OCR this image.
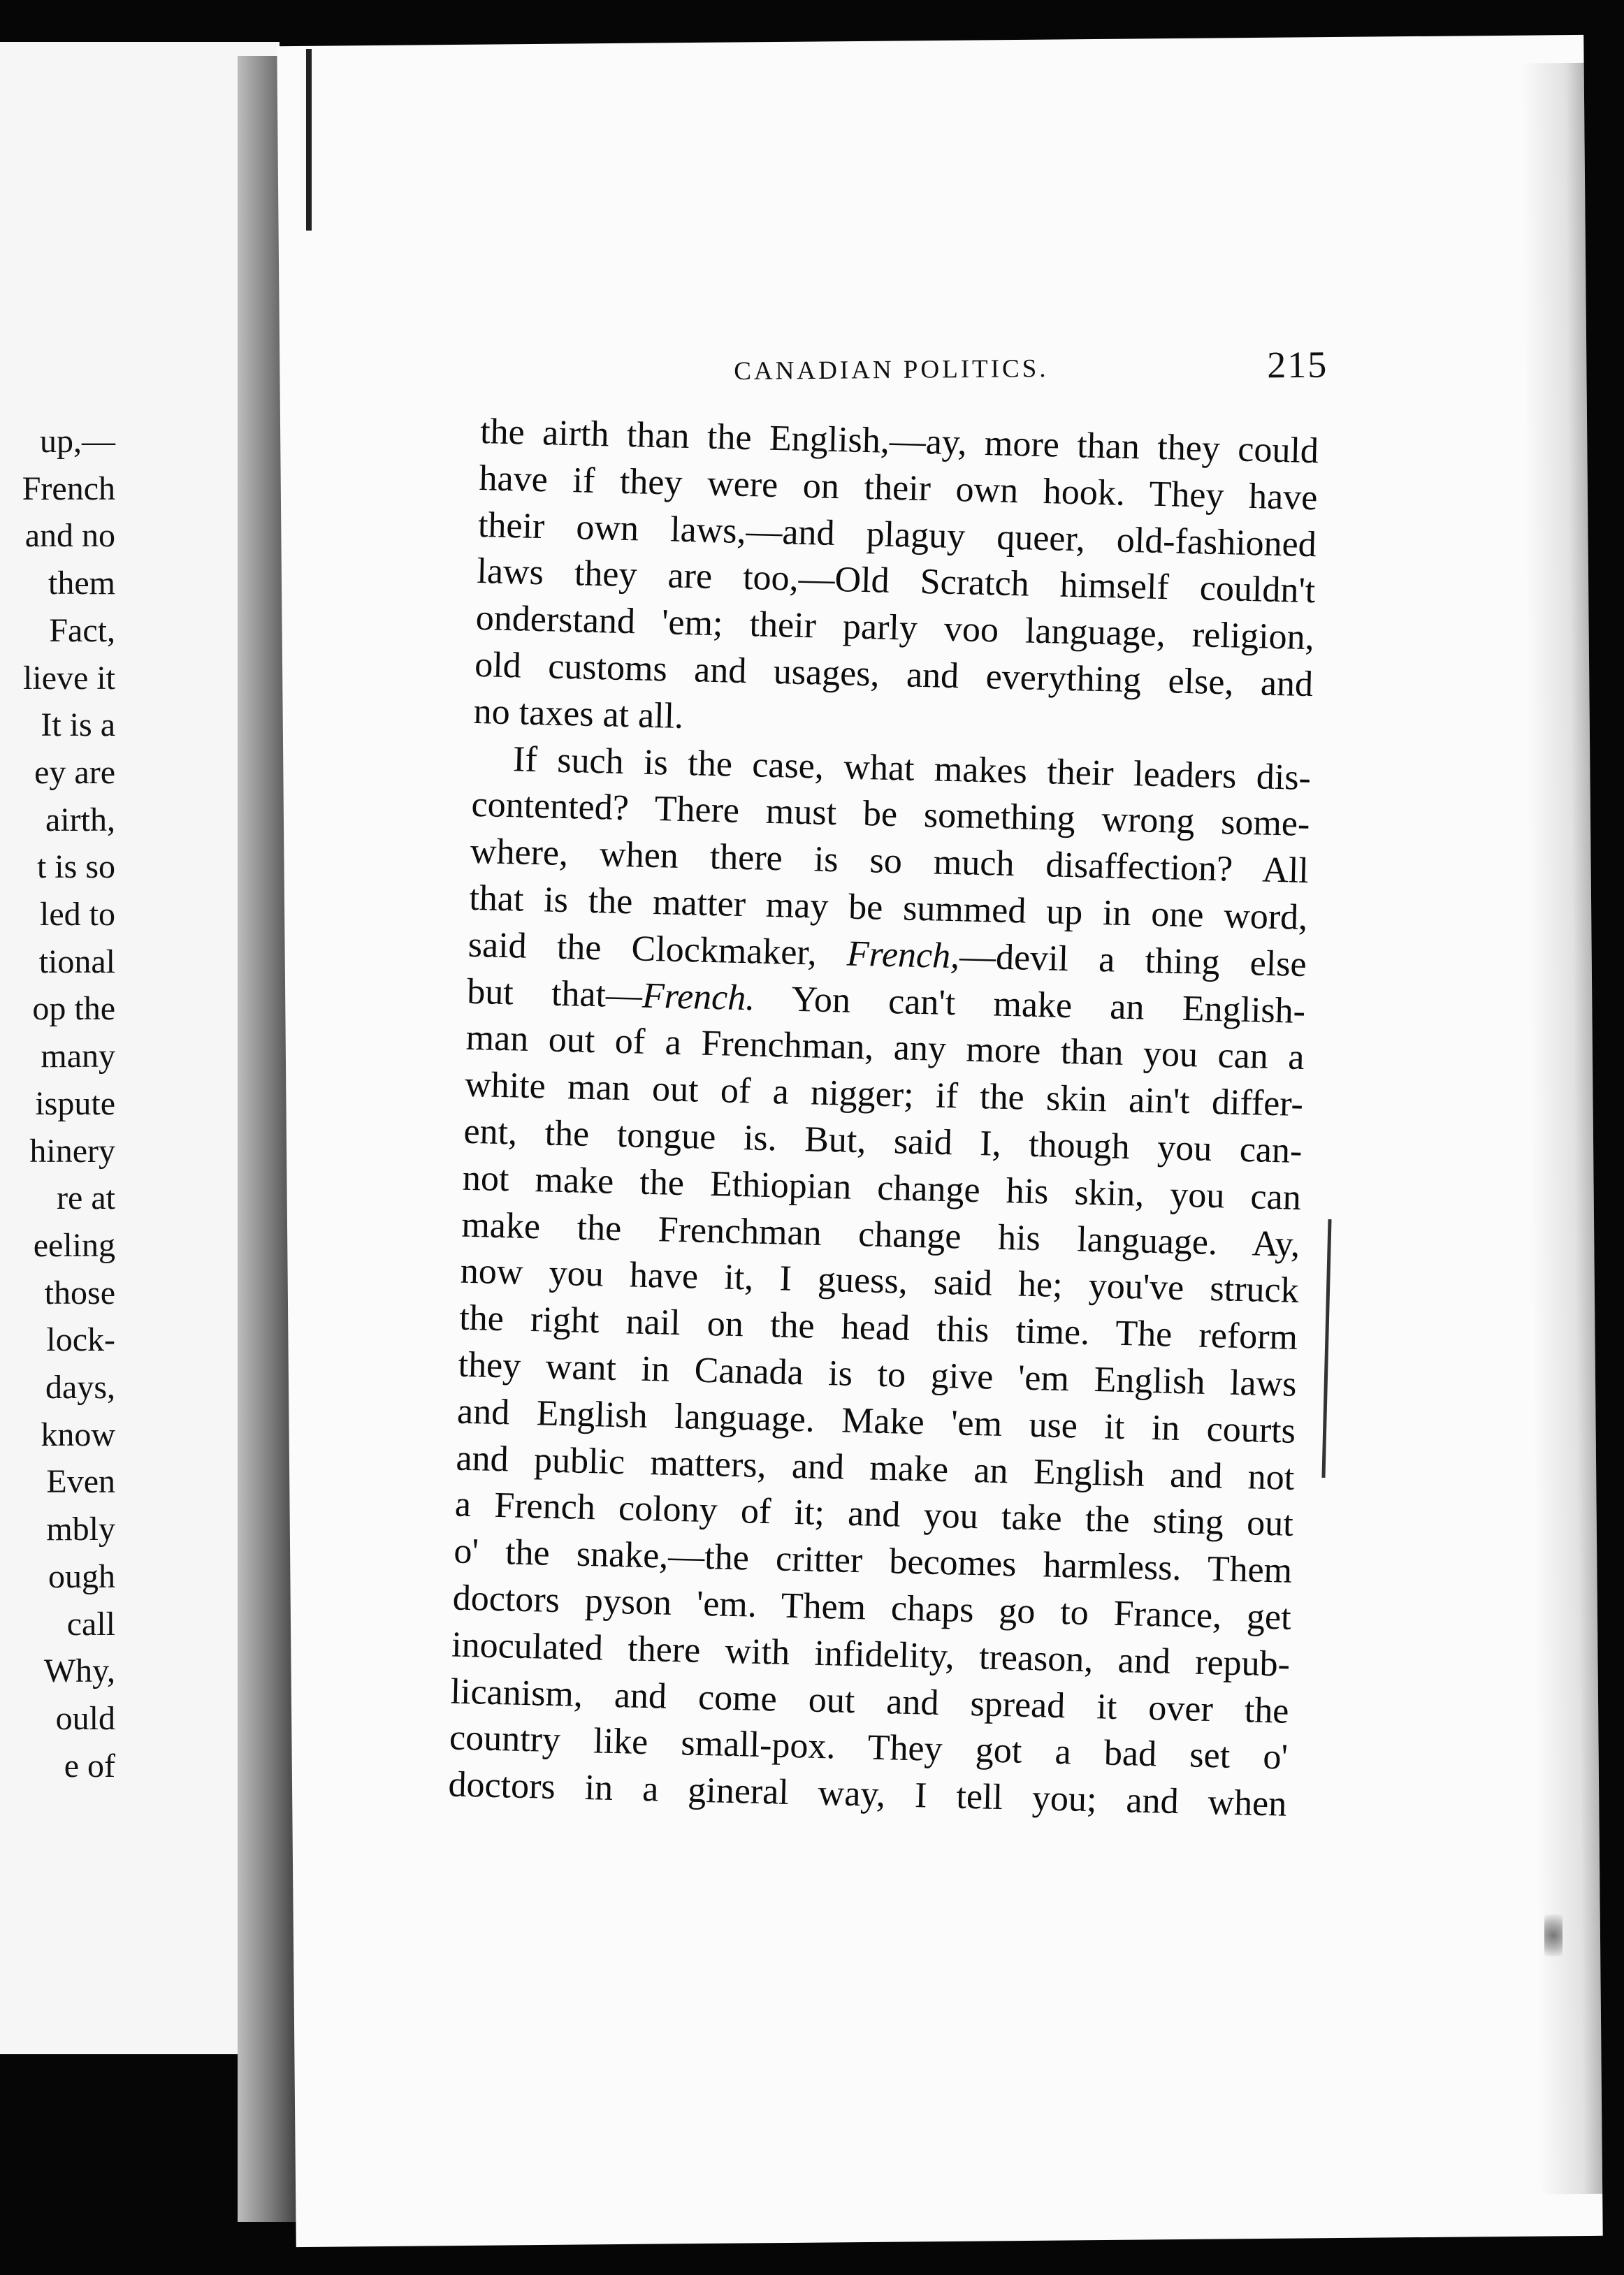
up,—
French
and no
them
Fact,
lieve it
It is a
ey are
airth,
t is so
led to
tional
op the
many
ispute
hinery
re at
eeling
those
lock-
days,
know
Even
mbly
ough
call
Why,
ould
e of
CANADIAN POLITICS.	215
the airth than the English,—ay, more than they could
have if they were on their own hook. They have
their own laws,—and plaguy queer, old-fashioned
laws they are too,—Old Scratch himself couldn't
onderstand 'em; their parly voo language, religion,
old customs and usages, and everything else, and
no taxes at all.
If such is the case, what makes their leaders dis-
contented? There must be something wrong some-
where, when there is so much disaffection? All
that is the matter may be summed up in one word,
said the Clockmaker, French,—devil a thing else
but that—French. Yon can't make an English-
man out of a Frenchman, any more than you can a
white man out of a nigger; if the skin ain't differ-
ent, the tongue is. But, said I, though you can-
not make the Ethiopian change his skin, you can
make the Frenchman change his language. Ay,
now you have it, I guess, said he; you've struck
the right nail on the head this time. The reform
they want in Canada is to give 'em English laws
and English language. Make 'em use it in courts
and public matters, and make an English and not
a French colony of it; and you take the sting out
o' the snake,—the critter becomes harmless. Them
doctors pyson 'em. Them chaps go to France, get
inoculated there with infidelity, treason, and repub-
licanism, and come out and spread it over the
country like small-pox. They got a bad set o'
doctors in a gineral way, I tell you; and when
